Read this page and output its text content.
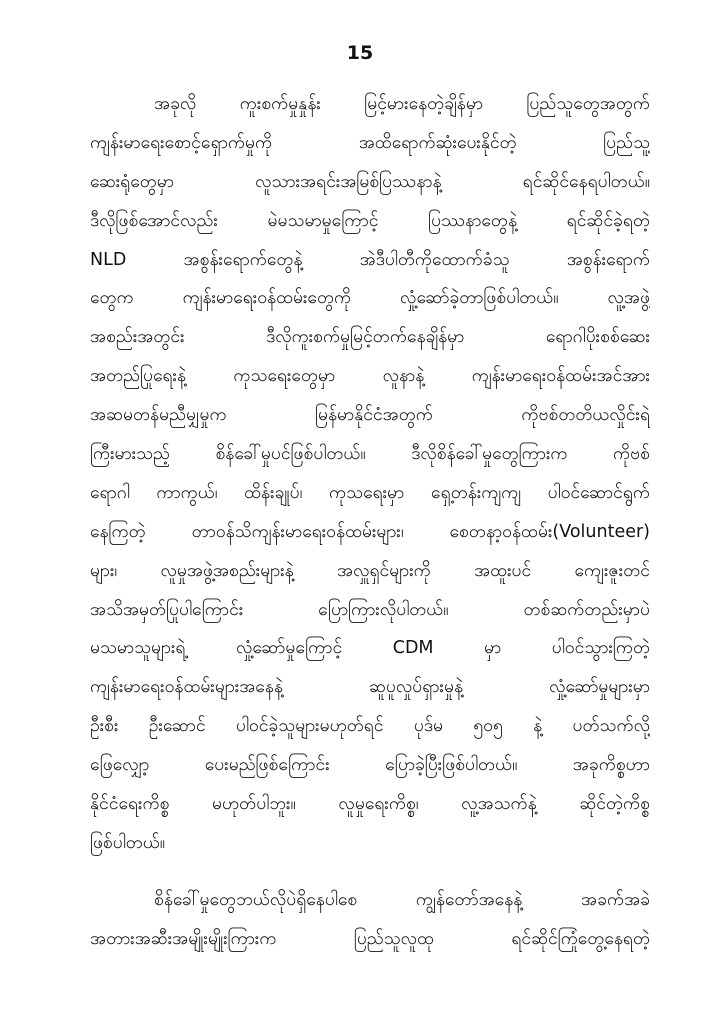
15
အခုလို ကူးစက်မှုနှုန်း မြင့်မားနေတဲ့ချိန်မှာ ပြည်သူတွေအတွက်
ကျန်းမာရေးစောင့်ရှောက်မှုကို အထိရောက်ဆုံးပေးနိုင်တဲ့ ပြည်သူ့
ဆေးရုံတွေမှာ လူသားအရင်းအမြစ်ပြဿနာနဲ့ ရင်ဆိုင်နေရပါတယ်။
ဒီလိုဖြစ်အောင်လည်း မဲမသမာမှုကြောင့် ပြဿနာတွေနဲ့ ရင်ဆိုင်ခဲ့ရတဲ့
NLD အစွန်းရောက်တွေနဲ့ အဲဒီပါတီကိုထောက်ခံသူ အစွန်းရောက်
တွေက ကျန်းမာရေးဝန်ထမ်းတွေကို လှုံ့ဆော်ခဲ့တာဖြစ်ပါတယ်။ လူ့အဖွဲ့
အစည်းအတွင်း ဒီလိုကူးစက်မှုမြင့်တက်နေချိန်မှာ ရောဂါပိုးစစ်ဆေး
အတည်ပြုရေးနဲ့ ကုသရေးတွေမှာ လူနာနဲ့ ကျန်းမာရေးဝန်ထမ်းအင်အား
အဆမတန်မညီမျှမှုက မြန်မာနိုင်ငံအတွက် ကိုဗစ်တတိယလှိုင်းရဲ့
ကြီးမားသည့် စိန်ခေါ်မှုပင်ဖြစ်ပါတယ်။ ဒီလိုစိန်ခေါ်မှုတွေကြားက ကိုဗစ်
ရောဂါ ကာကွယ်၊ ထိန်းချုပ်၊ ကုသရေးမှာ ရှေ့တန်းကျကျ ပါဝင်ဆောင်ရွက်
နေကြတဲ့ တာဝန်သိကျန်းမာရေးဝန်ထမ်းများ၊ စေတနာ့ဝန်ထမ်း(Volunteer)
များ၊ လူမှုအဖွဲ့အစည်းများနဲ့ အလှူရှင်များကို အထူးပင် ကျေးဇူးတင်
အသိအမှတ်ပြုပါကြောင်း ပြောကြားလိုပါတယ်။ တစ်ဆက်တည်းမှာပဲ
မသမာသူများရဲ့ လှုံ့ဆော်မှုကြောင့် CDM မှာ ပါဝင်သွားကြတဲ့
ကျန်းမာရေးဝန်ထမ်းများအနေနဲ့ ဆူပူလှုပ်ရှားမှုနဲ့ လှုံ့ဆော်မှုများမှာ
ဦးစီး ဦးဆောင် ပါဝင်ခဲ့သူများမဟုတ်ရင် ပုဒ်မ ၅၀၅ နဲ့ ပတ်သက်လို့
ဖြေလျှော့ ပေးမည်ဖြစ်ကြောင်း ပြောခဲ့ပြီးဖြစ်ပါတယ်။ အခုကိစ္စဟာ
နိုင်ငံရေးကိစ္စ မဟုတ်ပါဘူး။ လူမှုရေးကိစ္စ၊ လူ့အသက်နဲ့ ဆိုင်တဲ့ကိစ္စ
ဖြစ်ပါတယ်။
စိန်ခေါ်မှုတွေဘယ်လိုပဲရှိနေပါစေ ကျွန်တော်အနေနဲ့ အခက်အခဲ
အတားအဆီးအမျိုးမျိုးကြားက ပြည်သူလူထု ရင်ဆိုင်ကြုံတွေ့နေရတဲ့
